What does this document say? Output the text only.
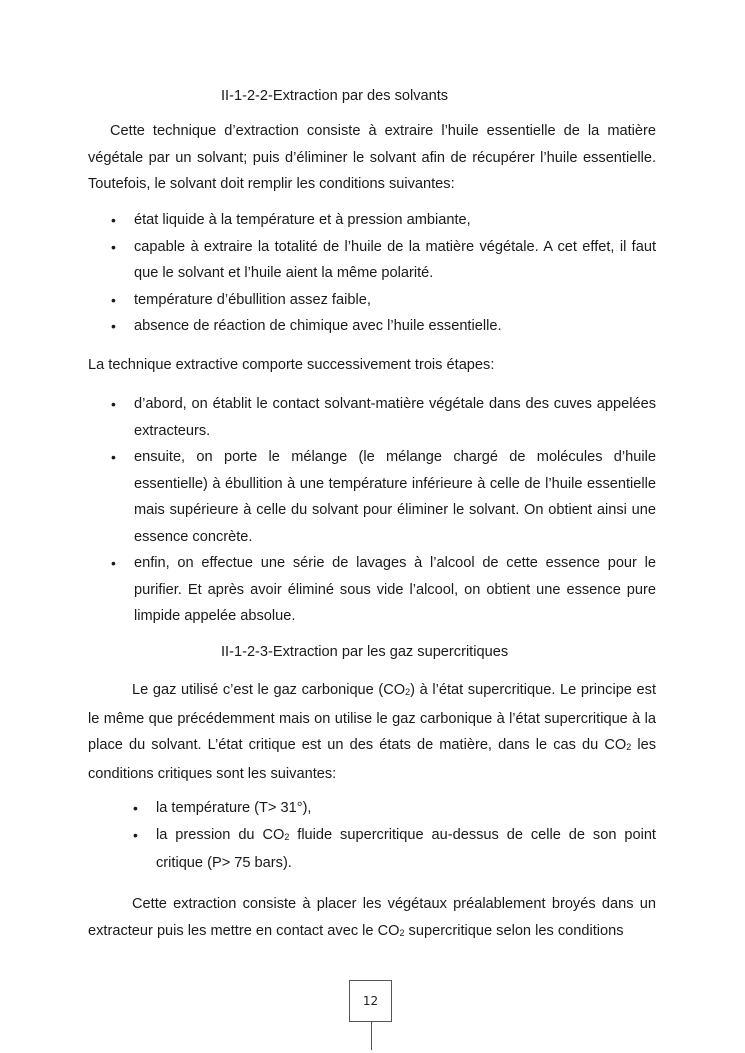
II-1-2-2-Extraction par des solvants

Cette technique d’extraction consiste à extraire l’huile essentielle de la matière végétale par un solvant; puis d’éliminer le solvant afin de récupérer l’huile essentielle. Toutefois, le solvant doit remplir les conditions suivantes:

• état liquide à la température et à pression ambiante,
• capable à extraire la totalité de l’huile de la matière végétale. A cet effet, il faut que le solvant et l’huile aient la même polarité.
• température d’ébullition assez faible,
• absence de réaction de chimique avec l’huile essentielle.

La technique extractive comporte successivement trois étapes:

• d’abord, on établit le contact solvant-matière végétale dans des cuves appelées extracteurs.
• ensuite, on porte le mélange (le mélange chargé de molécules d’huile essentielle) à ébullition à une température inférieure à celle de l’huile essentielle mais supérieure à celle du solvant pour éliminer le solvant. On obtient ainsi une essence concrète.
• enfin, on effectue une série de lavages à l’alcool de cette essence pour le purifier. Et après avoir éliminé sous vide l’alcool, on obtient une essence pure limpide appelée absolue.
II-1-2-3-Extraction par les gaz supercritiques

Le gaz utilisé c’est le gaz carbonique $(CO_2)$ à l’état supercritique. Le principe est le même que précédemment mais on utilise le gaz carbonique à l’état supercritique à la place du solvant. L’état critique est un des états de matière, dans le cas du $CO_2$ les conditions critiques sont les suivantes:

• la température (T> 31°),
• la pression du $CO_2$ fluide supercritique au-dessus de celle de son point critique (P> 75 bars).

Cette extraction consiste à placer les végétaux préalablement broyés dans un extracteur puis les mettre en contact avec le $CO_2$ supercritique selon les conditions

12
